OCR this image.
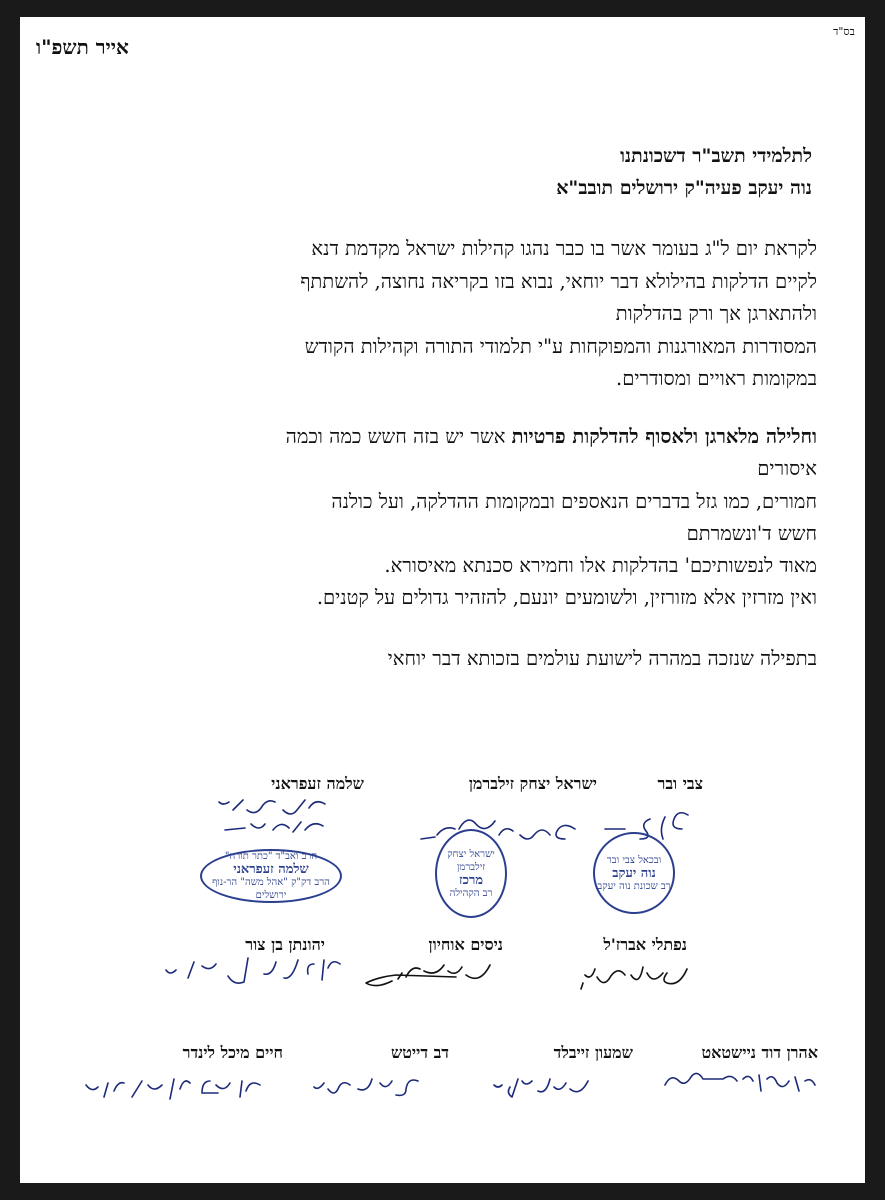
בס"ד
אייר תשפ"ו
לתלמידי תשב"ר דשכונתנו
נוה יעקב פעיה"ק ירושלים תובב"א
לקראת יום ל"ג בעומר אשר בו כבר נהגו קהילות ישראל מקדמת דנא
לקיים הדלקות בהילולא דבר יוחאי, נבוא בזו בקריאה נחוצה, להשתתף
ולהתארגן אך ורק בהדלקות
המסודרות המאורגנות והמפוקחות ע"י תלמודי התורה וקהילות הקודש
במקומות ראויים ומסודרים.
וחלילה מלארגן ולאסוף להדלקות פרטיות אשר יש בזה חשש כמה וכמה
איסורים
חמורים, כמו גזל בדברים הנאספים ובמקומות ההדלקה, ועל כולנה
חשש ד'ונשמרתם
מאוד לנפשותיכם' בהדלקות אלו וחמירא סכנתא מאיסורא.
ואין מזרזין אלא מזורזין, ולשומעים יונעם, להזהיר גדולים על קטנים.
בתפילה שנזכה במהרה לישועת עולמים בזכותא דבר יוחאי
צבי ובר
ישראל יצחק זילברמן
שלמה זעפראני
ובכאל צבי ובר
נוה יעקב
רב שכונת נוה יעקב
ישראל יצחק זילברמן
מרכז
רב הקהילה
הרב ואב"ד "כתר תורה"
שלמה זעפראני
הרב דק"ק "אהל משה" הר-נוף ירושלים
נפתלי אברז'ל
ניסים אוחיון
יהונתן בן צור
אהרן דוד ניישטאט
שמעון זייבלד
דב דייטש
חיים מיכל לינדר
